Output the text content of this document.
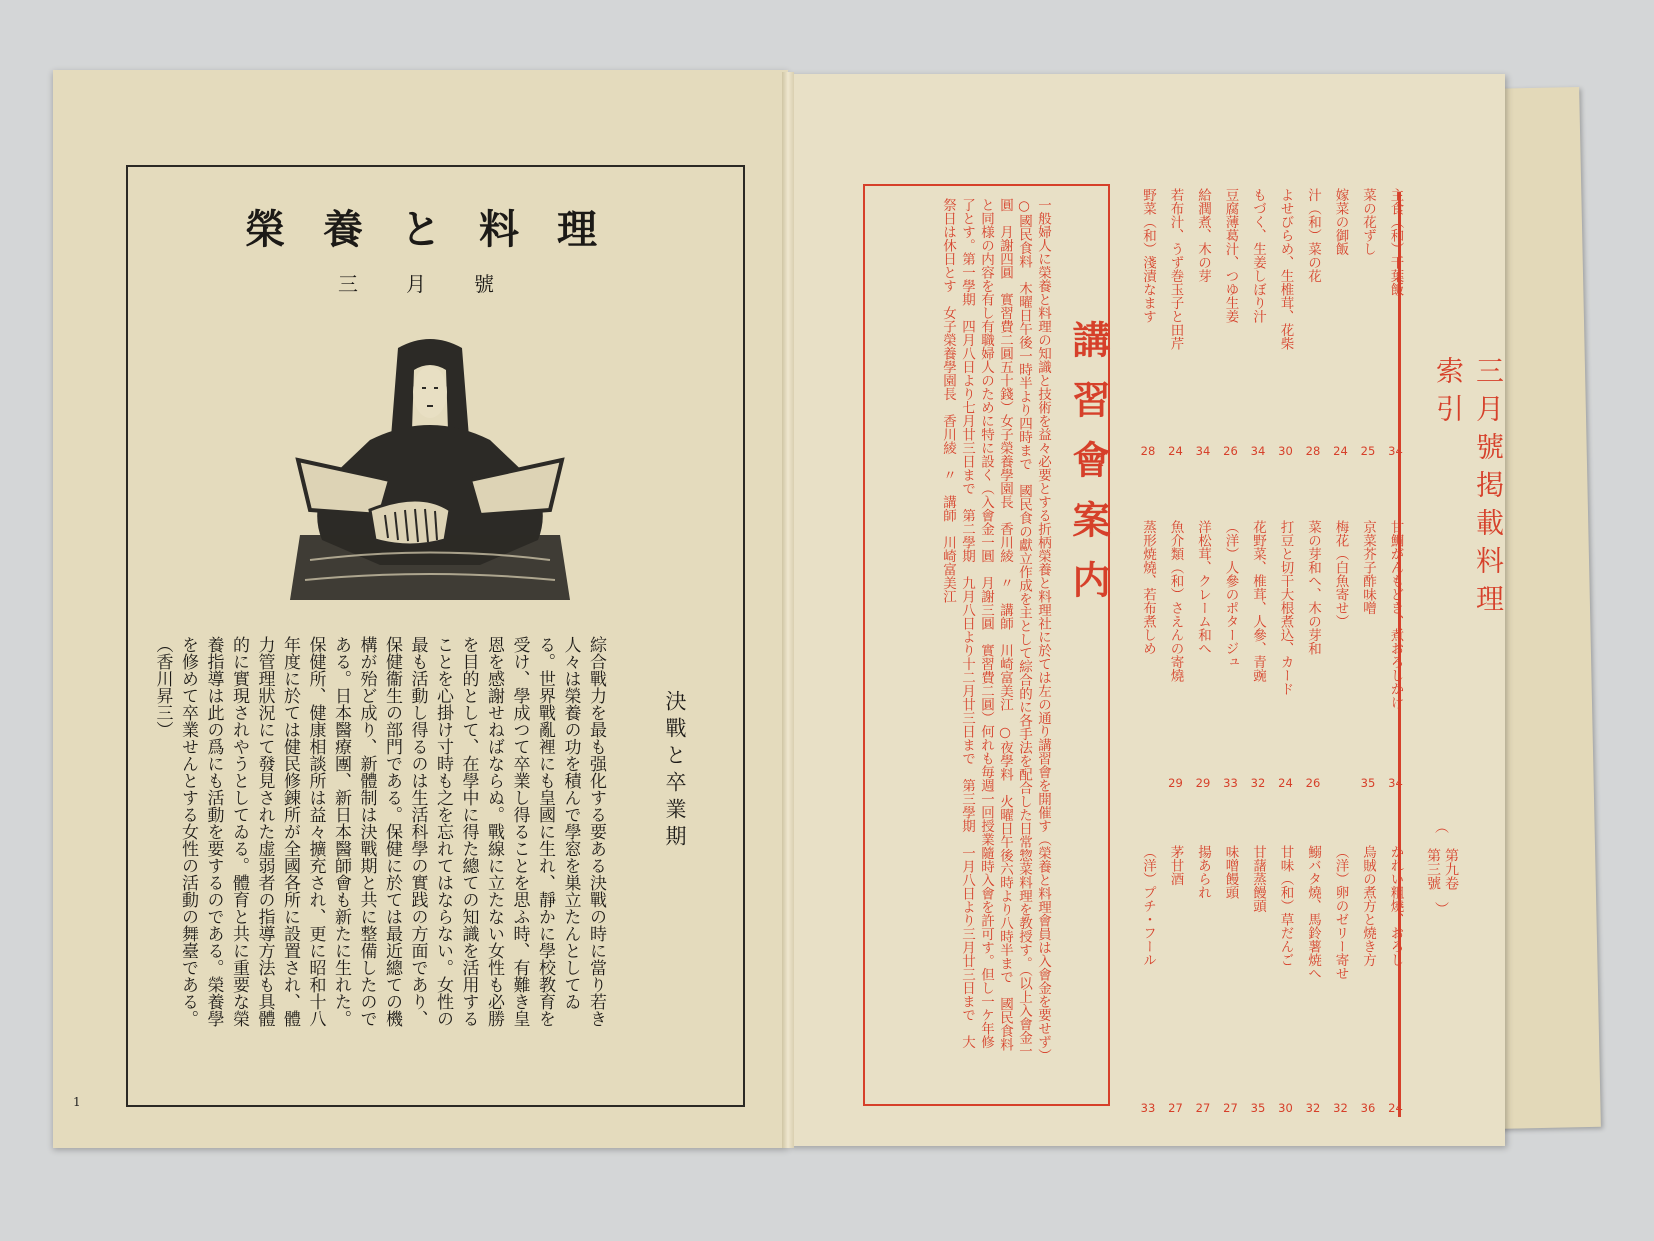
榮養と料理
三月號
決戰と卒業期
綜合戰力を最も强化する要ある決戰の時に當り若き人々は榮養の功を積んで學窓を巣立たんとしてゐる。世界戰亂裡にも皇國に生れ、靜かに學校教育を受け、學成つて卒業し得ることを思ふ時、有難き皇恩を感謝せねばならぬ。戰線に立たない女性も必勝を目的として、在學中に得た總ての知識を活用することを心掛け寸時も之を忘れてはならない。女性の最も活動し得るのは生活科學の實践の方面であり、保健衞生の部門である。保健に於ては最近總ての機構が殆ど成り、新體制は決戰期と共に整備したのである。日本醫療團、新日本醫師會も新たに生れた。保健所、健康相談所は益々擴充され、更に昭和十八年度に於ては健民修錬所が全國各所に設置され、體力管理狀況にて發見された虚弱者の指導方法も具體的に實現されやうとしてゐる。體育と共に重要な榮養指導は此の爲にも活動を要するのである。榮養學を修めて卒業せんとする女性の活動の舞臺である。（香川昇三）
1
講習會案内
一般婦人に榮養と料理の知識と技術を益々必要とする折柄榮養と料理社に於ては左の通り講習會を開催す（榮養と料理會員は入會金を要せず）○國民食料　木曜日午後一時半より四時まで　國民食の獻立作成を主として綜合的に各手法を配合した日常惣菜料理を教授す。（以上入會金一圓　月謝四圓　實習費二圓五十錢）女子榮養學園長　香川綾　〃　講師　川崎富美江　○夜學料　火曜日午後六時より八時半まで　國民食料と同様の内容を有し有職婦人のために特に設く（入會金一圓　月謝三圓　實習費二圓）何れも毎週一回授業隨時入會を許可す。但し一ケ年修了とす。第一學期　四月八日より七月廿三日まで　第二學期　九月八日より十二月廿三日まで　第三學期　一月八日より三月廿三日まで　大祭日は休日とす　女子榮養學園長　香川綾　〃　講師　川崎富美江	三月號掲載料理索引
︵
第九卷
第三號
︶
主食（和）干葉飯
34
菜の花ずし
25
嫁菜の御飯
24
汁（和）菜の花
28
よせびらめ、生椎茸、花柴
30
もづく、生姜しぼり汁
34
豆腐薄葛汁、つゆ生姜
26
給潤煮、木の芽
34
若布汁、うず巻玉子と田芹
24
野菜（和）淺漬なます
28
甘鯛がんもどき、煮おろしかけ
34
京菜芥子酢味噌
35
梅花（白魚寄せ）
菜の芽和へ、木の芽和
26
打豆と切干大根煮込、カード
24
花野菜、椎茸、人參、青豌
32
（洋）人參のポタージュ
33
洋松茸、クレーム和へ
29
魚介類（和）さえんの寄燒
29
蒸形焼燒、若布煮しめ
かれい粗燒、おろし
24
烏賊の煮方と燒き方
36
（洋）卵のゼリー寄せ
32
鰯バタ燒、馬鈴薯焼へ
32
甘味（和）草だんご
30
甘藷蒸饅頭
35
味噌饅頭
27
揚あられ
27
茅甘酒
27
（洋）プチ・フール
33
